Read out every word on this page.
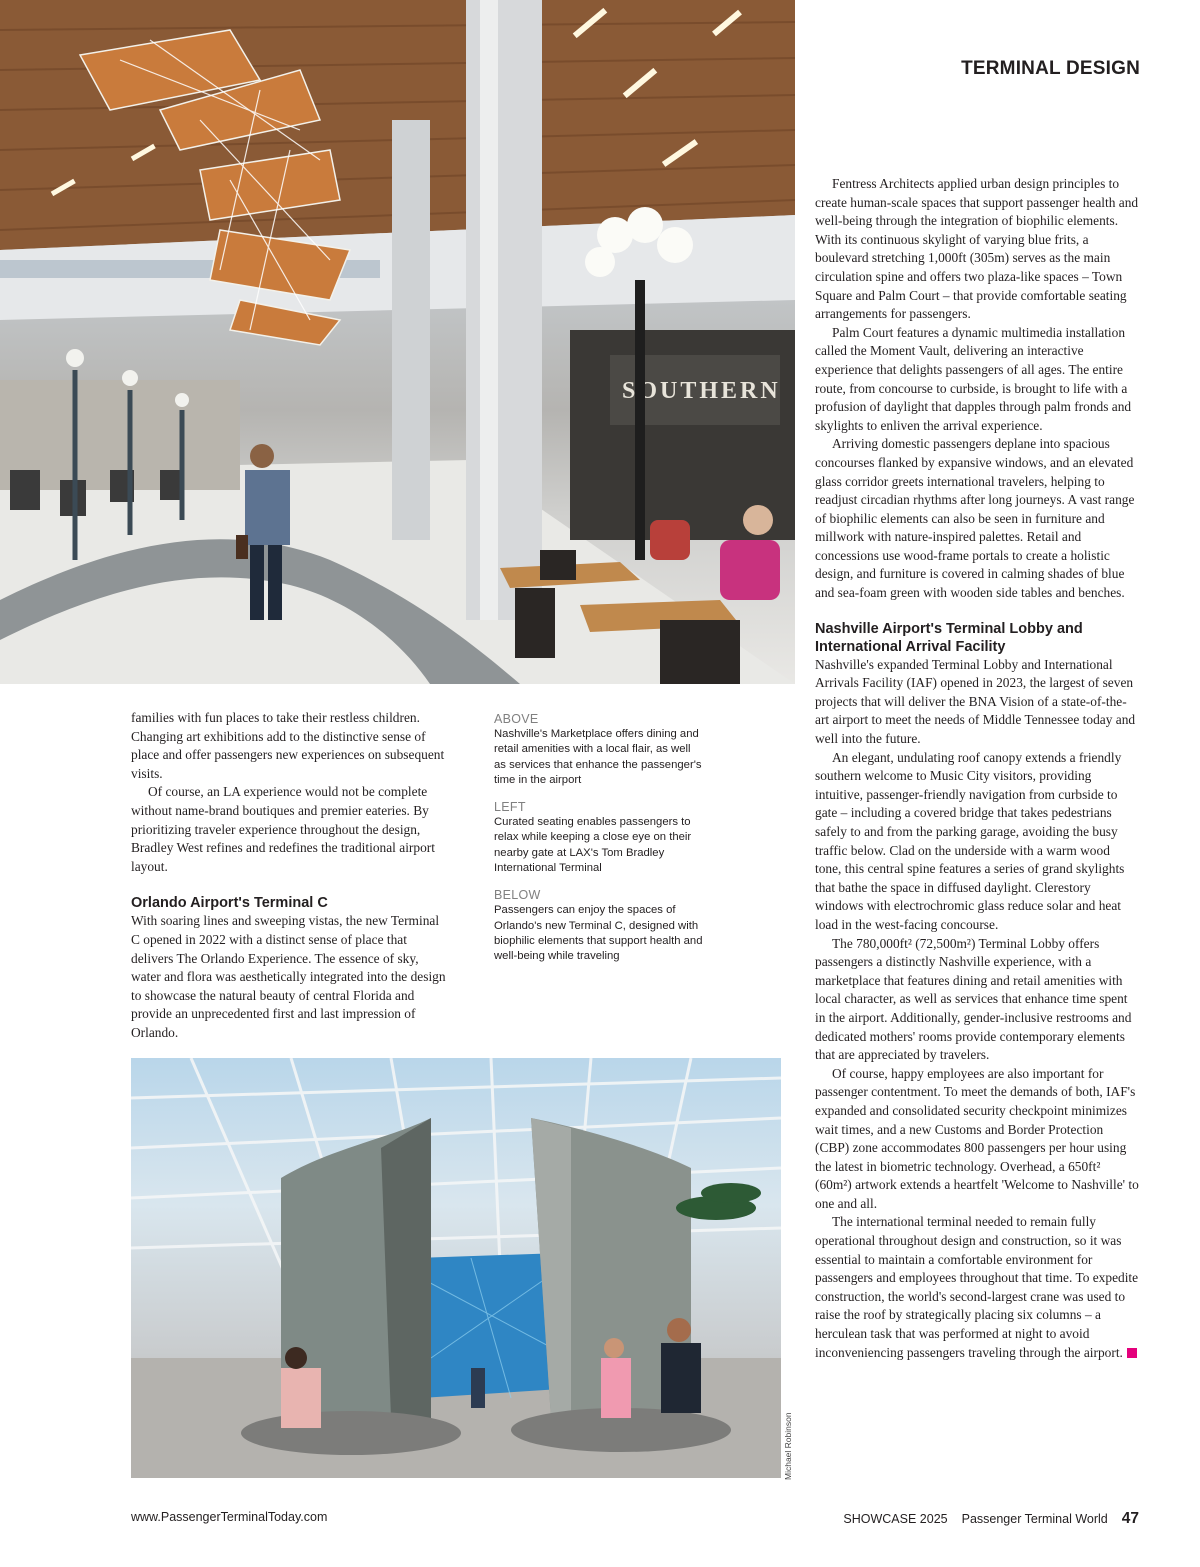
SOUTHERN
TERMINAL DESIGN

families with fun places to take their restless children. Changing art exhibitions add to the distinctive sense of place and offer passengers new experiences on subsequent visits.

Of course, an LA experience would not be complete without name-brand boutiques and premier eateries. By prioritizing traveler experience throughout the design, Bradley West refines and redefines the traditional airport layout.

Orlando Airport's Terminal C

With soaring lines and sweeping vistas, the new Terminal C opened in 2022 with a distinct sense of place that delivers The Orlando Experience. The essence of sky, water and flora was aesthetically integrated into the design to showcase the natural beauty of central Florida and provide an unprecedented first and last impression of Orlando.

ABOVE
Nashville's Marketplace offers dining and retail amenities with a local flair, as well as services that enhance the passenger's time in the airport
LEFT
Curated seating enables passengers to relax while keeping a close eye on their nearby gate at LAX's Tom Bradley International Terminal
BELOW
Passengers can enjoy the spaces of Orlando's new Terminal C, designed with biophilic elements that support health and well-being while traveling
Michael Robinson

Fentress Architects applied urban design principles to create human-scale spaces that support passenger health and well-being through the integration of biophilic elements. With its continuous skylight of varying blue frits, a boulevard stretching 1,000ft (305m) serves as the main circulation spine and offers two plaza-like spaces – Town Square and Palm Court – that provide comfortable seating arrangements for passengers.

Palm Court features a dynamic multimedia installation called the Moment Vault, delivering an interactive experience that delights passengers of all ages. The entire route, from concourse to curbside, is brought to life with a profusion of daylight that dapples through palm fronds and skylights to enliven the arrival experience.

Arriving domestic passengers deplane into spacious concourses flanked by expansive windows, and an elevated glass corridor greets international travelers, helping to readjust circadian rhythms after long journeys. A vast range of biophilic elements can also be seen in furniture and millwork with nature-inspired palettes. Retail and concessions use wood-frame portals to create a holistic design, and furniture is covered in calming shades of blue and sea-foam green with wooden side tables and benches.

Nashville Airport's Terminal Lobby and International Arrival Facility

Nashville's expanded Terminal Lobby and International Arrivals Facility (IAF) opened in 2023, the largest of seven projects that will deliver the BNA Vision of a state-of-the-art airport to meet the needs of Middle Tennessee today and well into the future.

An elegant, undulating roof canopy extends a friendly southern welcome to Music City visitors, providing intuitive, passenger-friendly navigation from curbside to gate – including a covered bridge that takes pedestrians safely to and from the parking garage, avoiding the busy traffic below. Clad on the underside with a warm wood tone, this central spine features a series of grand skylights that bathe the space in diffused daylight. Clerestory windows with electrochromic glass reduce solar and heat load in the west-facing concourse.

The 780,000ft² (72,500m²) Terminal Lobby offers passengers a distinctly Nashville experience, with a marketplace that features dining and retail amenities with local character, as well as services that enhance time spent in the airport. Additionally, gender-inclusive restrooms and dedicated mothers' rooms provide contemporary elements that are appreciated by travelers.

Of course, happy employees are also important for passenger contentment. To meet the demands of both, IAF's expanded and consolidated security checkpoint minimizes wait times, and a new Customs and Border Protection (CBP) zone accommodates 800 passengers per hour using the latest in biometric technology. Overhead, a 650ft² (60m²) artwork extends a heartfelt 'Welcome to Nashville' to one and all.

The international terminal needed to remain fully operational throughout design and construction, so it was essential to maintain a comfortable environment for passengers and employees throughout that time. To expedite construction, the world's second-largest crane was used to raise the roof by strategically placing six columns – a herculean task that was performed at night to avoid inconveniencing passengers traveling through the airport.

www.PassengerTerminalToday.com	SHOWCASE 2025 Passenger Terminal World 47
